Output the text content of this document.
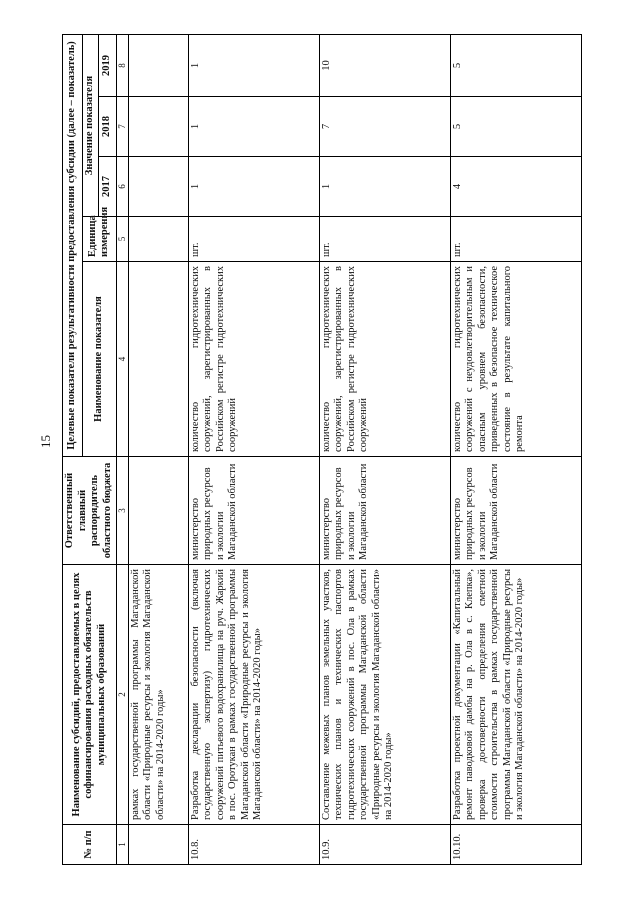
15
№ п/п	Наименование субсидий, предоставляемых в целях софинансирования расходных обязательств муниципальных образований	Ответственный главный распорядитель областного бюджета	Целевые показатели результативности предоставления субсидии (далее – показатель)				
			Наименование показателя	Единица измерения	Значение показателя		
					2017	2018	2019
1	2	3	4	5	6	7	8
	рамках государственной программы Магаданской области «Природные ресурсы и экология Магаданской области» на 2014-2020 годы»						
10.8.	Разработка декларации безопасности (включая государственную экспертизу) гидротехнических сооружений питьевого водохранилища на руч. Жаркий в пос. Оротукан в рамках государственной программы Магаданской области «Природные ресурсы и экология Магаданской области» на 2014-2020 годы»	министерство природных ресурсов и экологии Магаданской области	количество гидротехнических сооружений, зарегистрированных в Российском регистре гидротехнических сооружений	шт.	1	1	1
10.9.	Составление межевых планов земельных участков, технических планов и технических паспортов гидротехнических сооружений в пос. Ола в рамках государственной программы Магаданской области «Природные ресурсы и экология Магаданской области» на 2014-2020 годы»	министерство природных ресурсов и экологии Магаданской области	количество гидротехнических сооружений, зарегистрированных в Российском регистре гидротехнических сооружений	шт.	1	7	10
10.10.	Разработка проектной документации «Капитальный ремонт паводковой дамбы на р. Ола в с. Клепка», проверка достоверности определения сметной стоимости строительства в рамках государственной программы Магаданской области «Природные ресурсы и экология Магаданской области» на 2014-2020 годы»	министерство природных ресурсов и экологии Магаданской области	количество гидротехнических сооружений с неудовлетворительным и опасным уровнем безопасности, приведенных в безопасное техническое состояние в результате капитального ремонта	шт.	4	5	5
